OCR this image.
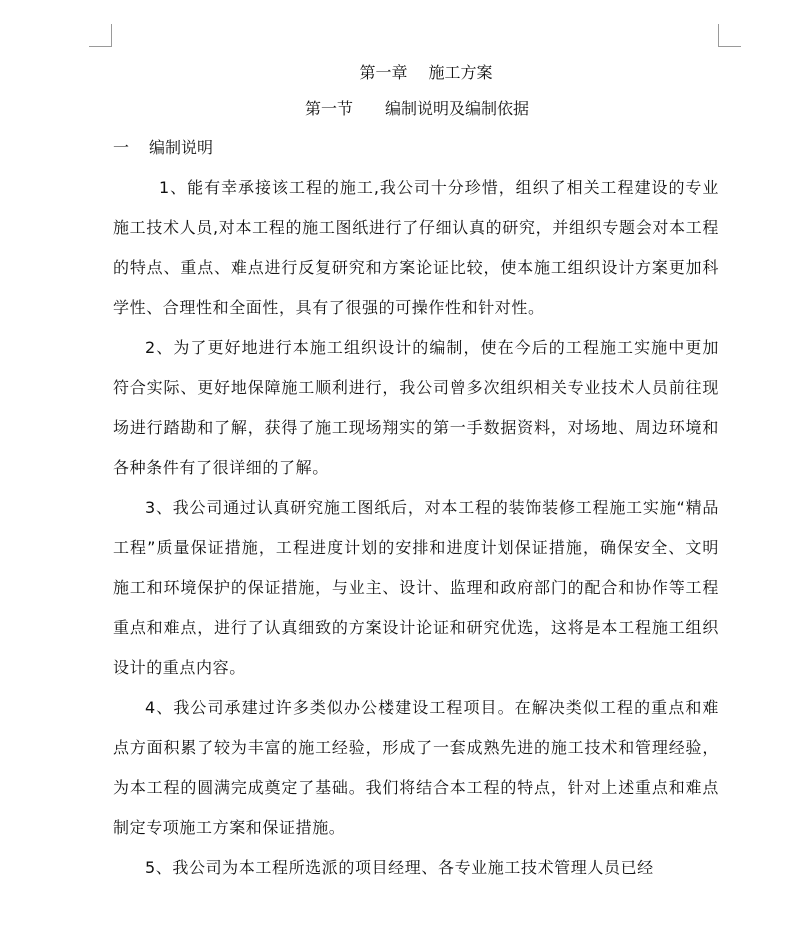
第一章　 施工方案
第一节　　编制说明及编制依据
一 编制说明

1、能有幸承接该工程的施工,我公司十分珍惜，组织了相关工程建设的专业施工技术人员,对本工程的施工图纸进行了仔细认真的研究，并组织专题会对本工程的特点、重点、难点进行反复研究和方案论证比较，使本施工组织设计方案更加科学性、合理性和全面性，具有了很强的可操作性和针对性。

2、为了更好地进行本施工组织设计的编制，使在今后的工程施工实施中更加符合实际、更好地保障施工顺利进行，我公司曾多次组织相关专业技术人员前往现场进行踏勘和了解，获得了施工现场翔实的第一手数据资料，对场地、周边环境和各种条件有了很详细的了解。

3、我公司通过认真研究施工图纸后，对本工程的装饰装修工程施工实施“精品工程”质量保证措施，工程进度计划的安排和进度计划保证措施，确保安全、文明施工和环境保护的保证措施，与业主、设计、监理和政府部门的配合和协作等工程重点和难点，进行了认真细致的方案设计论证和研究优选，这将是本工程施工组织设计的重点内容。

4、我公司承建过许多类似办公楼建设工程项目。在解决类似工程的重点和难点方面积累了较为丰富的施工经验，形成了一套成熟先进的施工技术和管理经验，为本工程的圆满完成奠定了基础。我们将结合本工程的特点，针对上述重点和难点制定专项施工方案和保证措施。

5、我公司为本工程所选派的项目经理、各专业施工技术管理人员已经
